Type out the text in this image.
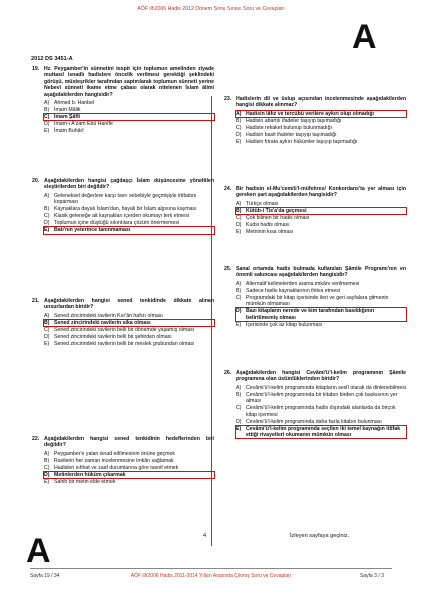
AÖF ilh2006 Hadis 2012 Dönem Sonu Sınavı Soru ve Cevapları
A
2012 DS 3451-A
19. Hz. Peygamber'in sünnetini tespit için toplumun amelinden ziyade muttasıl isnadlı hadislere öncelik verilmesi gerektiği şeklindeki görüşü, müsteşrikler tarafından saptırılarak toplumun sünneti yerine Nebevî sünneti ikame etme çabası olarak nitelenen İslam âlimi aşağıdakilerden hangisidir?
A) Ahmed b. Hanbel
B) İmam Mâlik
C) İmam Şâfiî
D) İmam-ı A'zam Ebû Hanîfe
E) İmam Buhârî
20. Aşağıdakilerden hangisi çağdaşçı İslam düşüncesine yöneltilen eleştirilerden biri değildir?
A) Geleneksel değerlere karşı tavrı sebebiyle geçmişiyle irtibatını koparması
B) Kaynaklara dayalı İslam'dan, hayali bir İslam algısına kayması
C) Klasik geleneğe ait kaynakları içerden okumayı terk etmesi
D) Toplumun içine düştüğü sıkıntılara çözüm önermemesi
E) Batı'nın yeterince tanınmaması
21. Aşağıdakilerden hangisi sened tenkidinde dikkate alınan unsurlardan biridir?
A) Sened zincirindeki ravilerin Kur'ân hafızı olması
B) Sened zincirindeki ravilerin sika olması
C) Sened zincirindeki ravilerin belli bir dönemde yaşamış olması
D) Sened zincirindeki ravilerin belli bir şehirden olması
E) Sened zincirindeki ravilerin belli bir meslek grubundan olması
22. Aşağıdakilerden hangisi sened tenkidinin hedeflerinden biri değildir?
A) Peygamber'e yalan isnad edilmesinin önüne geçmek
B) Ravilerin her zaman incelenmesine imkân sağlamak
C) Hadisleri sıhhat ve zaaf durumlarına göre tasnif etmek
D) Metinlerden hüküm çıkarmak
E) Sahih bir metin elde etmek
23. Hadislerin dil ve üslup açısından incelenmesinde aşağıdakilerden hangisi dikkate alınmaz?
A) Hadisin lâfız ve tercübü verilere aykırı olup olmadığı
B) Hadisin abartılı ifadeler taşıyıp taşımadığı
C) Hadiste rekaket bulunup bulunmadığı
D) Hadisin basit ifadeler taşıyıp taşımadığı
E) Hadisin fıtrata aykırı hükümler taşıyıp taşımadığı
24. Bir hadisin el-Mu'cem/ü'l-müfehres/ Konkordans'ta yer alması için gereken şart aşağıdakilerden hangisidir?
A) Türkçe olması
B) Kütüb-i Tis'a'da geçmesi
C) Çok bilinen bir hadis olması
D) Kudsi hadis olması
E) Metninin kısa olması
25. Sanal ortamda hadis bulmada kullanılan Şâmile Programı'nın en önemli sakıncası aşağıdakilerden hangisidir?
A) Alternatif kelimelerden arama imkânı verilmemesi
B) Sadece hadis kaynaklarının ihtiva etmesi
C) Programdaki bir kitap içerisinde ileri ve geri sayfalara gitmenin mümkün olmaması
D) Bazı kitapların nerede ve kim tarafından basıldığının belirtilmemiş olması
E) İçerisinde çok az kitap bulunması
26. Aşağıdakilerden hangisi Cevâmi'ü'l-kelim programının Şâmile programına olan üstünlüklerinden biridir?
A) Cevâmi'ü'l-kelim programında kitapların seslî olarak da dinlenebilmesi
B) Cevâmi'ü'l-kelim programında bir kitabın birden çok baskısının yer alması
C) Cevâmi'ü'l-kelim programında hadis dışındaki alanlarda da birçok kitap içermesi
D) Cevâmi'ü'l-kelim programında daha fazla kitabın bulunması
E) Cevâmi'ü'l-kelim programında seçilen iki temel kaynağın ittifak ettiği rivayetleri okumanın mümkün olması
A	4	İzleyen sayfaya geçiniz.
Sayfa 19 / 34	AÖF ilh2006 Hadis 2011-2014 Yılları Arasında Çıkmış Soru ve Cevapları	Sayfa 3 / 3
